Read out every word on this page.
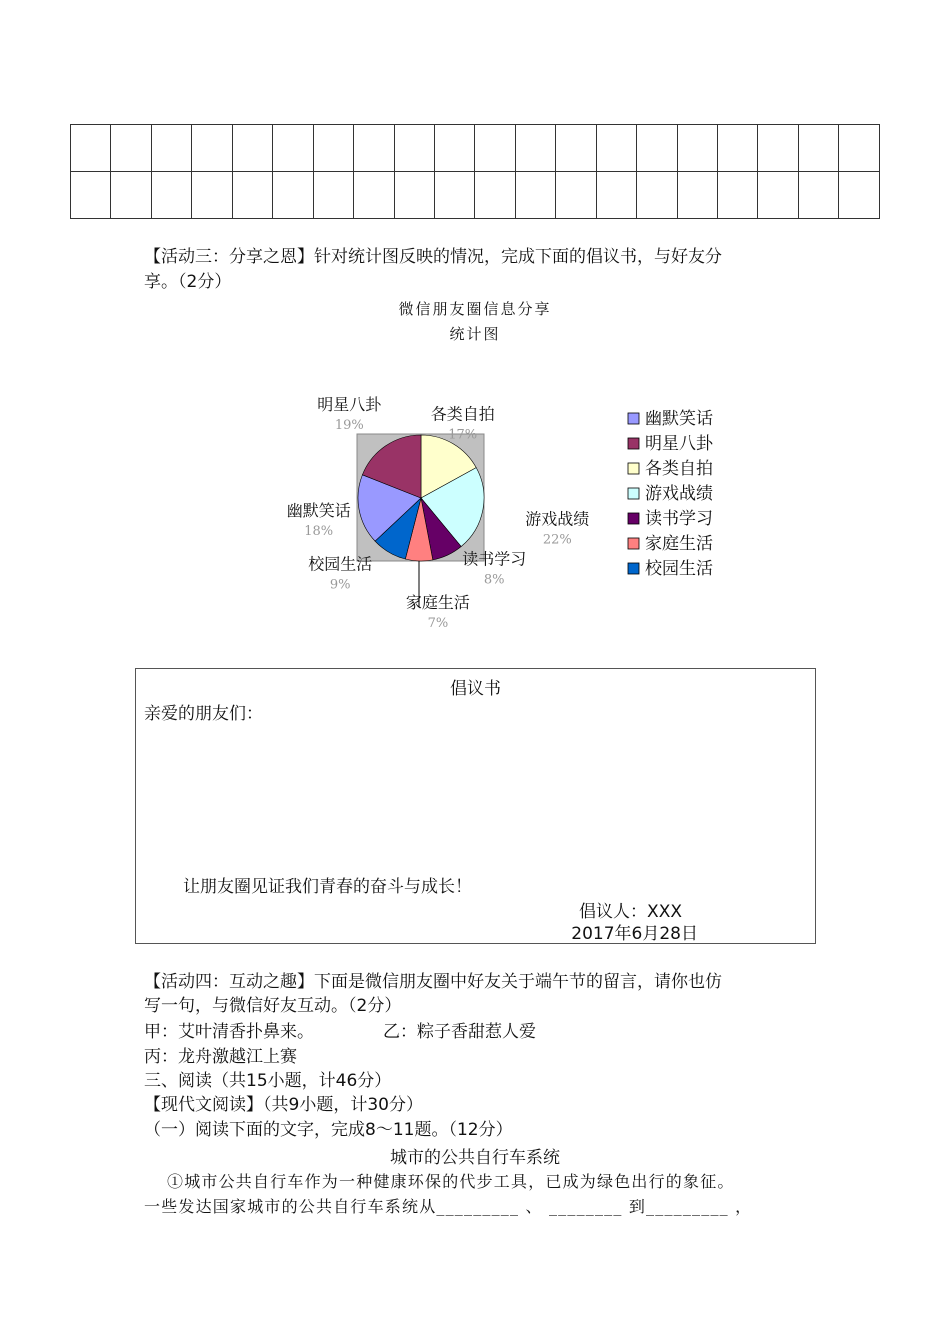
【活动三：分享之恩】针对统计图反映的情况，完成下面的倡议书，与好友分
享。（2分）
微信朋友圈信息分享
统计图
各类自拍
17%
游戏战绩
22%
读书学习
8%
家庭生活
7%
校园生活
9%
幽默笑话
18%
明星八卦
19%	幽默笑话
明星八卦
各类自拍
游戏战绩
读书学习
家庭生活
校园生活
倡议书
亲爱的朋友们：
让朋友圈见证我们青春的奋斗与成长！
倡议人：XXX
2017年6月28日
【活动四：互动之趣】下面是微信朋友圈中好友关于端午节的留言，请你也仿
写一句，与微信好友互动。（2分）
甲：艾叶清香扑鼻来。	乙：粽子香甜惹人爱
丙：龙舟激越江上赛
三、阅读（共15小题，计46分）
【现代文阅读】（共9小题，计30分）
（一）阅读下面的文字，完成8～11题。（12分）
城市的公共自行车系统
①城市公共自行车作为一种健康环保的代步工具，已成为绿色出行的象征。
一些发达国家城市的公共自行车系统从_________ 、 ________ 到_________ ，
